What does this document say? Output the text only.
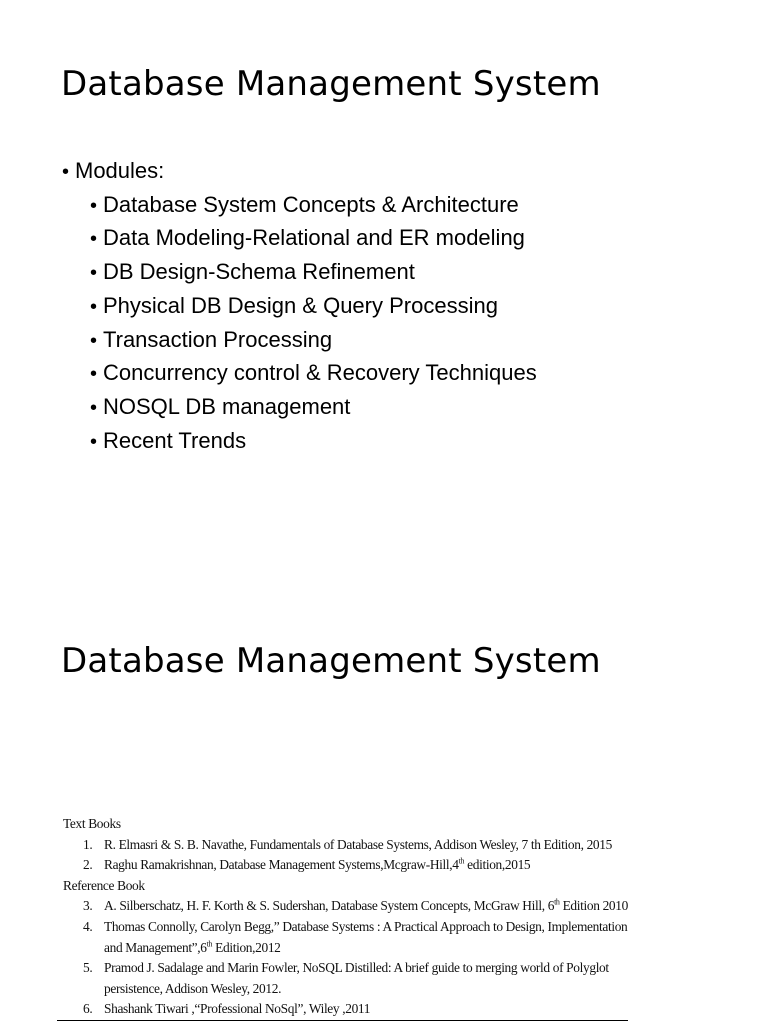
Database Management System
• Modules:
• Database System Concepts & Architecture
• Data Modeling-Relational and ER modeling
• DB Design-Schema Refinement
• Physical DB Design & Query Processing
• Transaction Processing
• Concurrency control & Recovery Techniques
• NOSQL DB management
• Recent Trends
Database Management System
Text Books
1. R. Elmasri & S. B. Navathe, Fundamentals of Database Systems, Addison Wesley, 7 th Edition, 2015
2. Raghu Ramakrishnan, Database Management Systems,Mcgraw-Hill,4th edition,2015
Reference Book
3. A. Silberschatz, H. F. Korth & S. Sudershan, Database System Concepts, McGraw Hill, 6th Edition 2010
4. Thomas Connolly, Carolyn Begg,” Database Systems : A Practical Approach to Design, Implementation and Management”,6th Edition,2012
5. Pramod J. Sadalage and Marin Fowler, NoSQL Distilled: A brief guide to merging world of Polyglot persistence, Addison Wesley, 2012.
6. Shashank Tiwari ,“Professional NoSql”, Wiley ,2011
